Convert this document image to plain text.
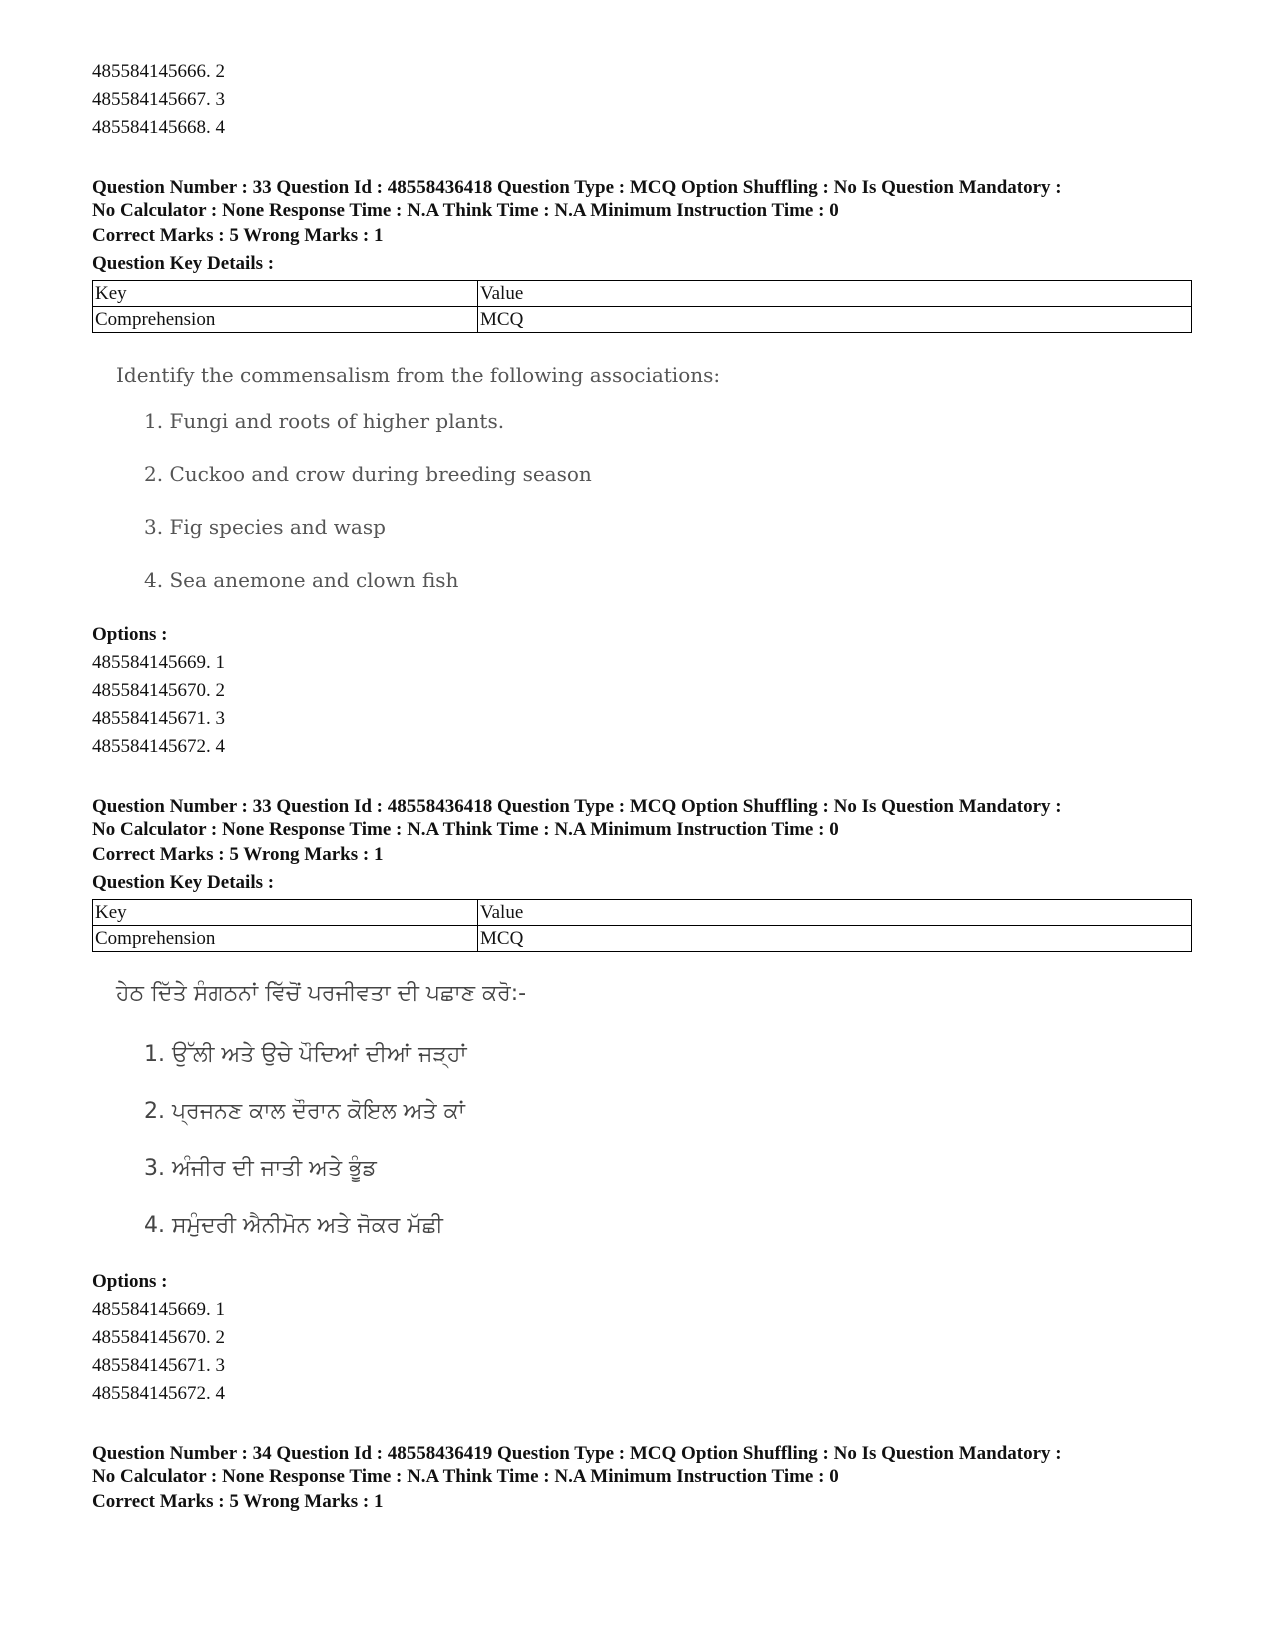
485584145666. 2
485584145667. 3
485584145668. 4
Question Number : 33 Question Id : 48558436418 Question Type : MCQ Option Shuffling : No Is Question Mandatory :
No Calculator : None Response Time : N.A Think Time : N.A Minimum Instruction Time : 0
Correct Marks : 5 Wrong Marks : 1
Question Key Details :
Key	Value
Comprehension	MCQ
Identify the commensalism from the following associations:
1. Fungi and roots of higher plants.
2. Cuckoo and crow during breeding season
3. Fig species and wasp
4. Sea anemone and clown fish
Options :
485584145669. 1
485584145670. 2
485584145671. 3
485584145672. 4
Question Number : 33 Question Id : 48558436418 Question Type : MCQ Option Shuffling : No Is Question Mandatory :
No Calculator : None Response Time : N.A Think Time : N.A Minimum Instruction Time : 0
Correct Marks : 5 Wrong Marks : 1
Question Key Details :
Key	Value
Comprehension	MCQ
ਹੇਠ ਦਿੱਤੇ ਸੰਗਠਨਾਂ ਵਿੱਚੋਂ ਪਰਜੀਵਤਾ ਦੀ ਪਛਾਣ ਕਰੋ:-
1. ਉੱਲੀ ਅਤੇ ਉਚੇ ਪੌਦਿਆਂ ਦੀਆਂ ਜੜ੍ਹਾਂ
2. ਪ੍ਰਜਨਣ ਕਾਲ ਦੌਰਾਨ ਕੋਇਲ ਅਤੇ ਕਾਂ
3. ਅੰਜੀਰ ਦੀ ਜਾਤੀ ਅਤੇ ਭੂੰਡ
4. ਸਮੁੰਦਰੀ ਐਨੀਮੋਨ ਅਤੇ ਜੋਕਰ ਮੱਛੀ
Options :
485584145669. 1
485584145670. 2
485584145671. 3
485584145672. 4
Question Number : 34 Question Id : 48558436419 Question Type : MCQ Option Shuffling : No Is Question Mandatory :
No Calculator : None Response Time : N.A Think Time : N.A Minimum Instruction Time : 0
Correct Marks : 5 Wrong Marks : 1
